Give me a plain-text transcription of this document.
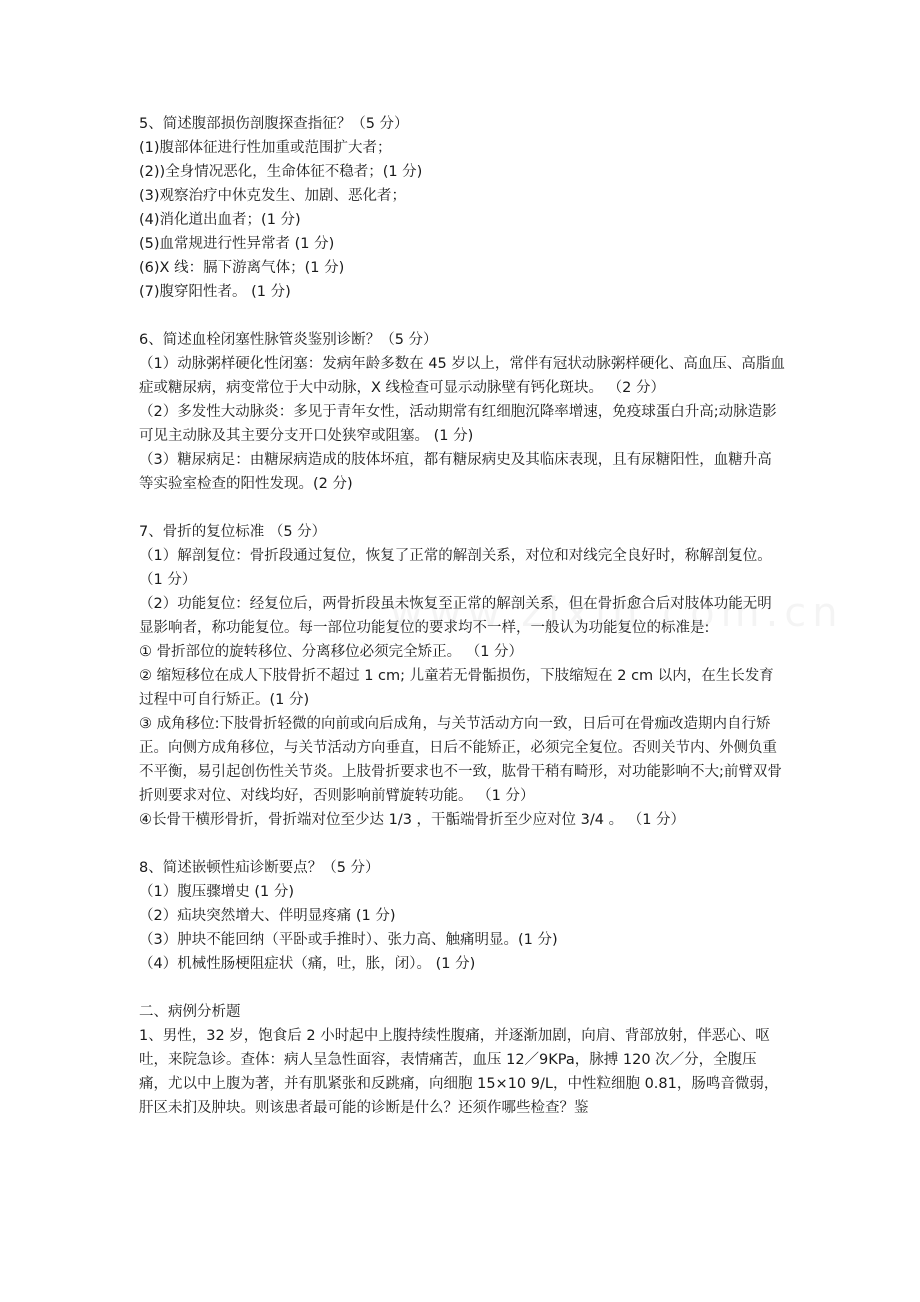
5、简述腹部损伤剖腹探查指征？（5 分）

(1)腹部体征进行性加重或范围扩大者；

(2))全身情况恶化，生命体征不稳者；(1 分)

(3)观察治疗中休克发生、加剧、恶化者；

(4)消化道出血者；(1 分)

(5)血常规进行性异常者 (1 分)

(6)X 线：膈下游离气体；(1 分)

(7)腹穿阳性者。 (1 分)

6、简述血栓闭塞性脉管炎鉴别诊断？（5 分）

（1）动脉粥样硬化性闭塞：发病年龄多数在 45 岁以上，常伴有冠状动脉粥样硬化、高血压、高脂血症或糖尿病，病变常位于大中动脉，X 线检查可显示动脉壁有钙化斑块。 （2 分）

（2）多发性大动脉炎：多见于青年女性，活动期常有红细胞沉降率增速，免疫球蛋白升高;动脉造影可见主动脉及其主要分支开口处狭窄或阻塞。 (1 分)

（3）糖尿病足：由糖尿病造成的肢体坏疽，都有糖尿病史及其临床表现，且有尿糖阳性，血糖升高等实验室检查的阳性发现。(2 分)

7、骨折的复位标准 （5 分）

（1）解剖复位：骨折段通过复位，恢复了正常的解剖关系，对位和对线完全良好时，称解剖复位。 （1 分）

（2）功能复位：经复位后，两骨折段虽未恢复至正常的解剖关系，但在骨折愈合后对肢体功能无明显影响者，称功能复位。每一部位功能复位的要求均不一样，一般认为功能复位的标准是:

① 骨折部位的旋转移位、分离移位必须完全矫正。 （1 分）

② 缩短移位在成人下肢骨折不超过 1 cm; 儿童若无骨骺损伤，下肢缩短在 2 cm 以内，在生长发育过程中可自行矫正。(1 分)

③ 成角移位:下肢骨折轻微的向前或向后成角，与关节活动方向一致，日后可在骨痂改造期内自行矫正。向侧方成角移位，与关节活动方向垂直，日后不能矫正，必须完全复位。否则关节内、外侧负重不平衡，易引起创伤性关节炎。上肢骨折要求也不一致，肱骨干稍有畸形，对功能影响不大;前臂双骨折则要求对位、对线均好，否则影响前臂旋转功能。 （1 分）

④长骨干横形骨折，骨折端对位至少达 1/3 ，干骺端骨折至少应对位 3/4 。 （1 分）

8、简述嵌顿性疝诊断要点？（5 分）

（1）腹压骤增史 (1 分)

（2）疝块突然增大、伴明显疼痛 (1 分)

（3）肿块不能回纳（平卧或手推时）、张力高、触痛明显。(1 分)

（4）机械性肠梗阻症状（痛，吐，胀，闭）。 (1 分)

二、病例分析题

1、男性，32 岁，饱食后 2 小时起中上腹持续性腹痛，并逐渐加剧，向肩、背部放射，伴恶心、呕吐，来院急诊。查体：病人呈急性面容，表情痛苦，血压 12／9KPa，脉搏 120 次／分，全腹压痛，尤以中上腹为著，并有肌紧张和反跳痛，向细胞 15×10 9/L，中性粒细胞 0.81，肠鸣音微弱，肝区未扪及肿块。则该患者最可能的诊断是什么？还须作哪些检查？鉴
